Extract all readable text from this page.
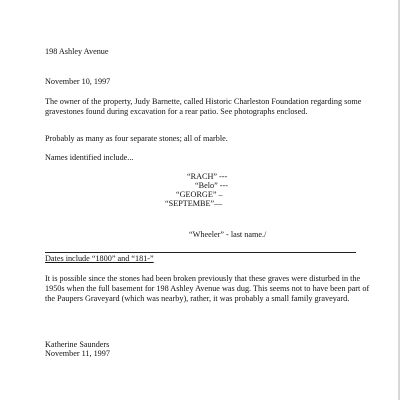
198 Ashley Avenue
November 10, 1997
The owner of the property, Judy Barnette, called Historic Charleston Foundation regarding some gravestones found during excavation for a rear patio. See photographs enclosed.
Probably as many as four separate stones; all of marble.
Names identified include...
“RACH” ---
“Belo” ---
“GEORGE” –
“SEPTEMBE”—
“Wheeler” - last name./
Dates include “1800” and “181-”
It is possible since the stones had been broken previously that these graves were disturbed in the 1950s when the full basement for 198 Ashley Avenue was dug. This seems not to have been part of the Paupers Graveyard (which was nearby), rather, it was probably a small family graveyard.
Katherine Saunders
November 11, 1997
